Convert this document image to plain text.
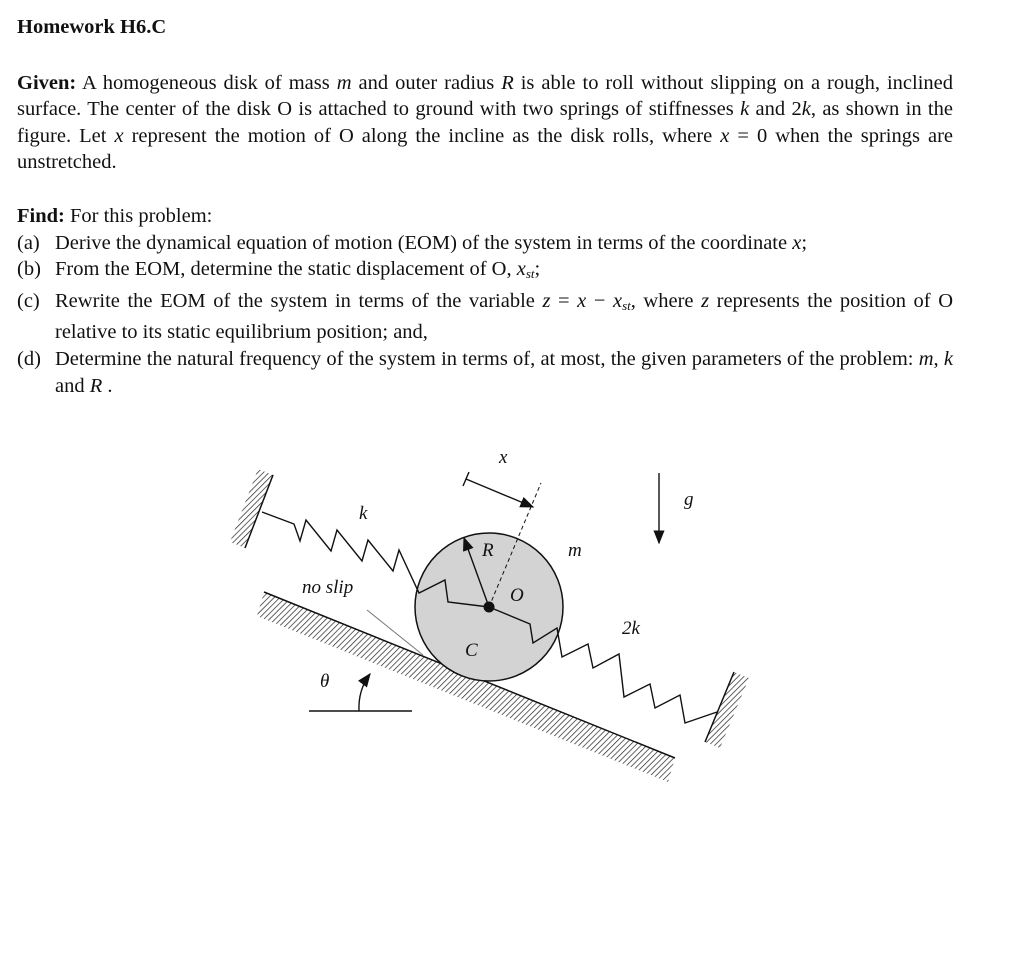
Homework H6.C

Given: A homogeneous disk of mass m and outer radius R is able to roll without slipping on a rough, inclined surface. The center of the disk O is attached to ground with two springs of stiffnesses k and 2k, as shown in the figure. Let x represent the motion of O along the incline as the disk rolls, where x = 0 when the springs are unstretched.

Find: For this problem:
(a) Derive the dynamical equation of motion (EOM) of the system in terms of the coordinate x;
(b) From the EOM, determine the static displacement of O, $x_{st}$;
(c) Rewrite the EOM of the system in terms of the variable $z = x - x_{st}$, where z represents the position of O relative to its static equilibrium position; and,
(d) Determine the natural frequency of the system in terms of, at most, the given parameters of the problem: m, k and R .
x
k
g
R	m
O
2k
C
no slip
θ
